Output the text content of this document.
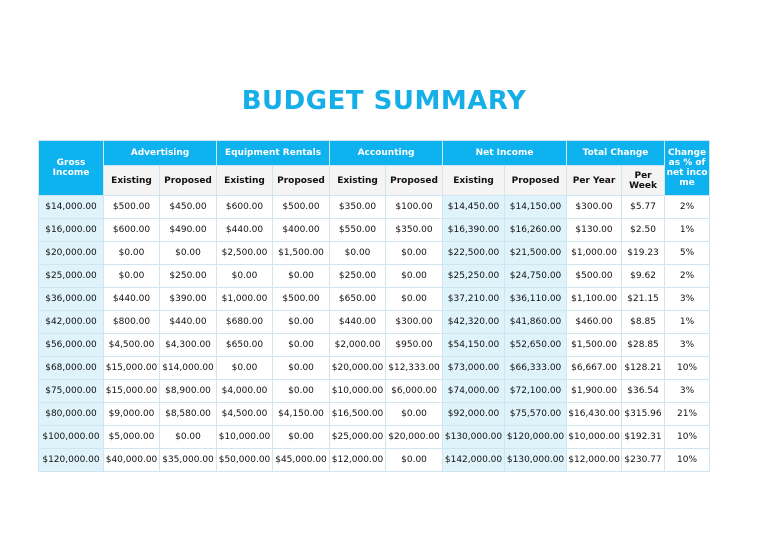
BUDGET SUMMARY
Gross Income	Advertising		Equipment Rentals		Accounting		Net Income		Total Change		Change as % of net income
	Existing	Proposed	Existing	Proposed	Existing	Proposed	Existing	Proposed	Per Year	Per Week	
$14,000.00	$500.00	$450.00	$600.00	$500.00	$350.00	$100.00	$14,450.00	$14,150.00	$300.00	$5.77	2%
$16,000.00	$600.00	$490.00	$440.00	$400.00	$550.00	$350.00	$16,390.00	$16,260.00	$130.00	$2.50	1%
$20,000.00	$0.00	$0.00	$2,500.00	$1,500.00	$0.00	$0.00	$22,500.00	$21,500.00	$1,000.00	$19.23	5%
$25,000.00	$0.00	$250.00	$0.00	$0.00	$250.00	$0.00	$25,250.00	$24,750.00	$500.00	$9.62	2%
$36,000.00	$440.00	$390.00	$1,000.00	$500.00	$650.00	$0.00	$37,210.00	$36,110.00	$1,100.00	$21.15	3%
$42,000.00	$800.00	$440.00	$680.00	$0.00	$440.00	$300.00	$42,320.00	$41,860.00	$460.00	$8.85	1%
$56,000.00	$4,500.00	$4,300.00	$650.00	$0.00	$2,000.00	$950.00	$54,150.00	$52,650.00	$1,500.00	$28.85	3%
$68,000.00	$15,000.00	$14,000.00	$0.00	$0.00	$20,000.00	$12,333.00	$73,000.00	$66,333.00	$6,667.00	$128.21	10%
$75,000.00	$15,000.00	$8,900.00	$4,000.00	$0.00	$10,000.00	$6,000.00	$74,000.00	$72,100.00	$1,900.00	$36.54	3%
$80,000.00	$9,000.00	$8,580.00	$4,500.00	$4,150.00	$16,500.00	$0.00	$92,000.00	$75,570.00	$16,430.00	$315.96	21%
$100,000.00	$5,000.00	$0.00	$10,000.00	$0.00	$25,000.00	$20,000.00	$130,000.00	$120,000.00	$10,000.00	$192.31	10%
$120,000.00	$40,000.00	$35,000.00	$50,000.00	$45,000.00	$12,000.00	$0.00	$142,000.00	$130,000.00	$12,000.00	$230.77	10%
